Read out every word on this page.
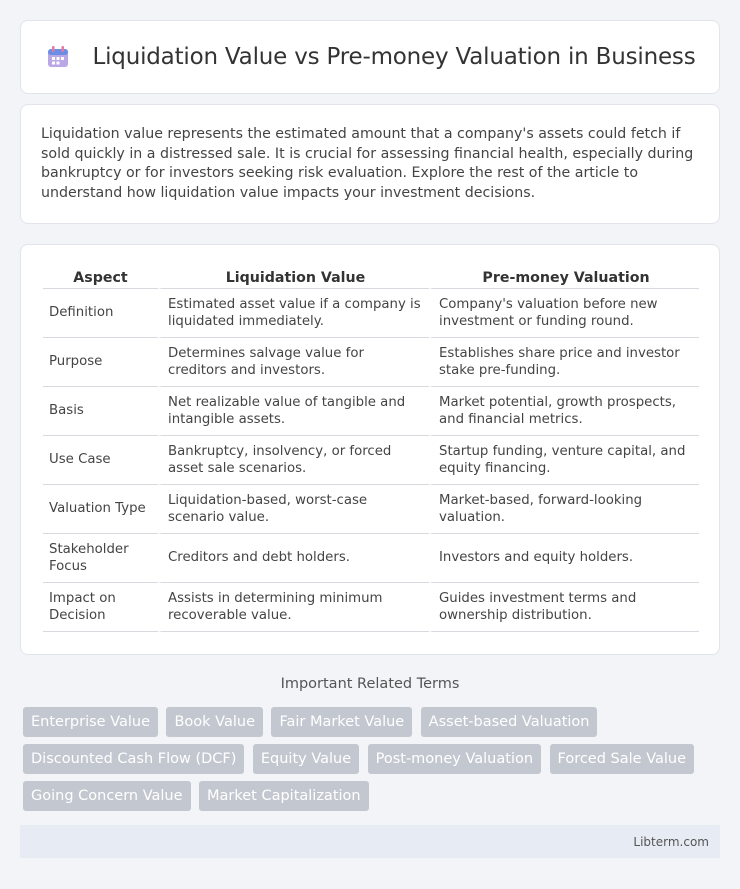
Liquidation Value vs Pre-money Valuation in Business

Liquidation value represents the estimated amount that a company's assets could fetch if sold quickly in a distressed sale. It is crucial for assessing financial health, especially during bankruptcy or for investors seeking risk evaluation. Explore the rest of the article to understand how liquidation value impacts your investment decisions.

Aspect	Liquidation Value	Pre-money Valuation
Definition	Estimated asset value if a company is liquidated immediately.	Company's valuation before new investment or funding round.
Purpose	Determines salvage value for creditors and investors.	Establishes share price and investor stake pre-funding.
Basis	Net realizable value of tangible and intangible assets.	Market potential, growth prospects, and financial metrics.
Use Case	Bankruptcy, insolvency, or forced asset sale scenarios.	Startup funding, venture capital, and equity financing.
Valuation Type	Liquidation-based, worst-case scenario value.	Market-based, forward-looking valuation.
Stakeholder Focus	Creditors and debt holders.	Investors and equity holders.
Impact on Decision	Assists in determining minimum recoverable value.	Guides investment terms and ownership distribution.
Important Related Terms
Enterprise Value Book Value Fair Market Value Asset-based Valuation Discounted Cash Flow (DCF) Equity Value Post-money Valuation Forced Sale Value Going Concern Value Market Capitalization
Libterm.com
